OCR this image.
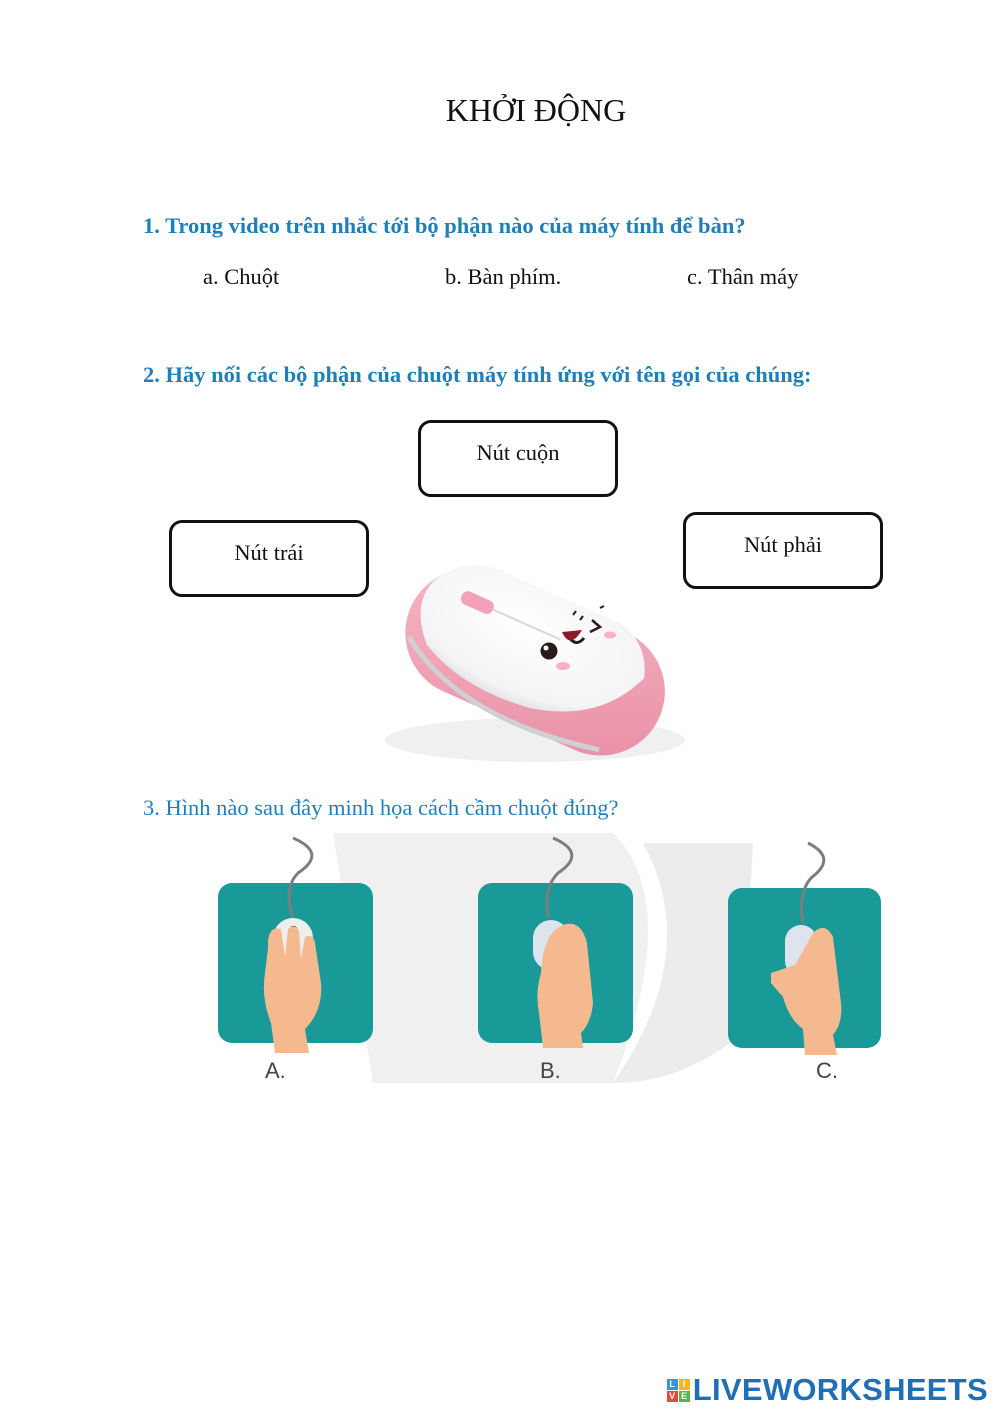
KHỞI ĐỘNG
1. Trong video trên nhắc tới bộ phận nào của máy tính để bàn?
a. Chuột	b. Bàn phím.	c. Thân máy
2. Hãy nối các bộ phận của chuột máy tính ứng với tên gọi của chúng:
Nút cuộn
Nút trái	Nút phải
3. Hình nào sau đây minh họa cách cầm chuột đúng?
A.	B.	C.
L I
V E LIVEWORKSHEETS
